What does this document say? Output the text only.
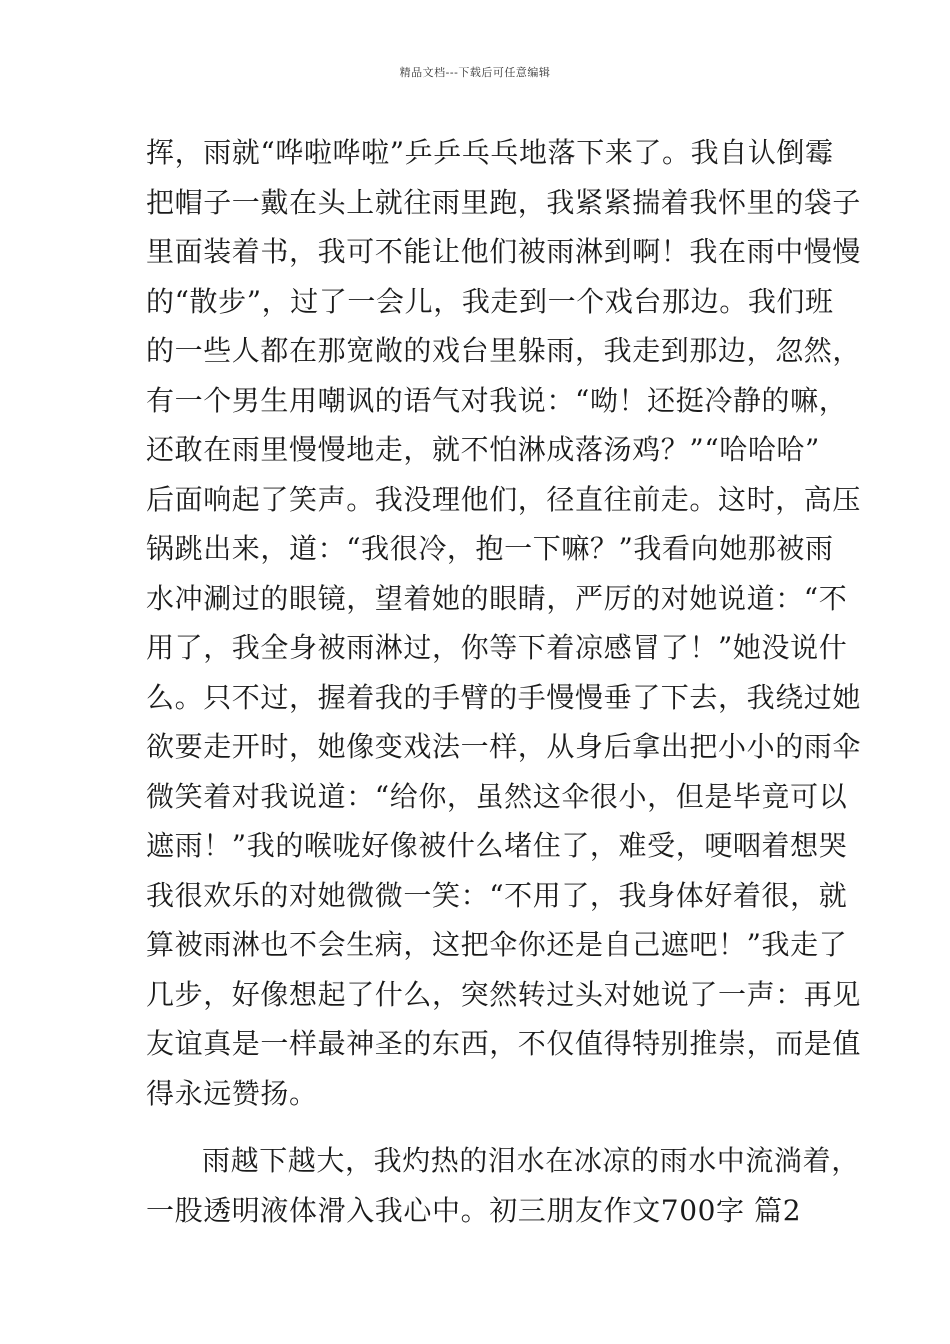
精品文档---下载后可任意编辑
挥，雨就“哗啦哗啦”乒乒乓乓地落下来了。我自认倒霉
把帽子一戴在头上就往雨里跑，我紧紧揣着我怀里的袋子
里面装着书，我可不能让他们被雨淋到啊！我在雨中慢慢
的“散步”，过了一会儿，我走到一个戏台那边。我们班
的一些人都在那宽敞的戏台里躲雨，我走到那边，忽然，
有一个男生用嘲讽的语气对我说：“呦！还挺冷静的嘛，
还敢在雨里慢慢地走，就不怕淋成落汤鸡？”“哈哈哈”
后面响起了笑声。我没理他们，径直往前走。这时，高压
锅跳出来，道：“我很冷，抱一下嘛？”我看向她那被雨
水冲涮过的眼镜，望着她的眼睛，严厉的对她说道：“不
用了，我全身被雨淋过，你等下着凉感冒了！”她没说什
么。只不过，握着我的手臂的手慢慢垂了下去，我绕过她
欲要走开时，她像变戏法一样，从身后拿出把小小的雨伞
微笑着对我说道：“给你，虽然这伞很小，但是毕竟可以
遮雨！”我的喉咙好像被什么堵住了，难受，哽咽着想哭
我很欢乐的对她微微一笑：“不用了，我身体好着很，就
算被雨淋也不会生病，这把伞你还是自己遮吧！”我走了
几步，好像想起了什么，突然转过头对她说了一声：再见
友谊真是一样最神圣的东西，不仅值得特别推崇，而是值
得永远赞扬。
雨越下越大，我灼热的泪水在冰凉的雨水中流淌着，
一股透明液体滑入我心中。初三朋友作文700字 篇2
